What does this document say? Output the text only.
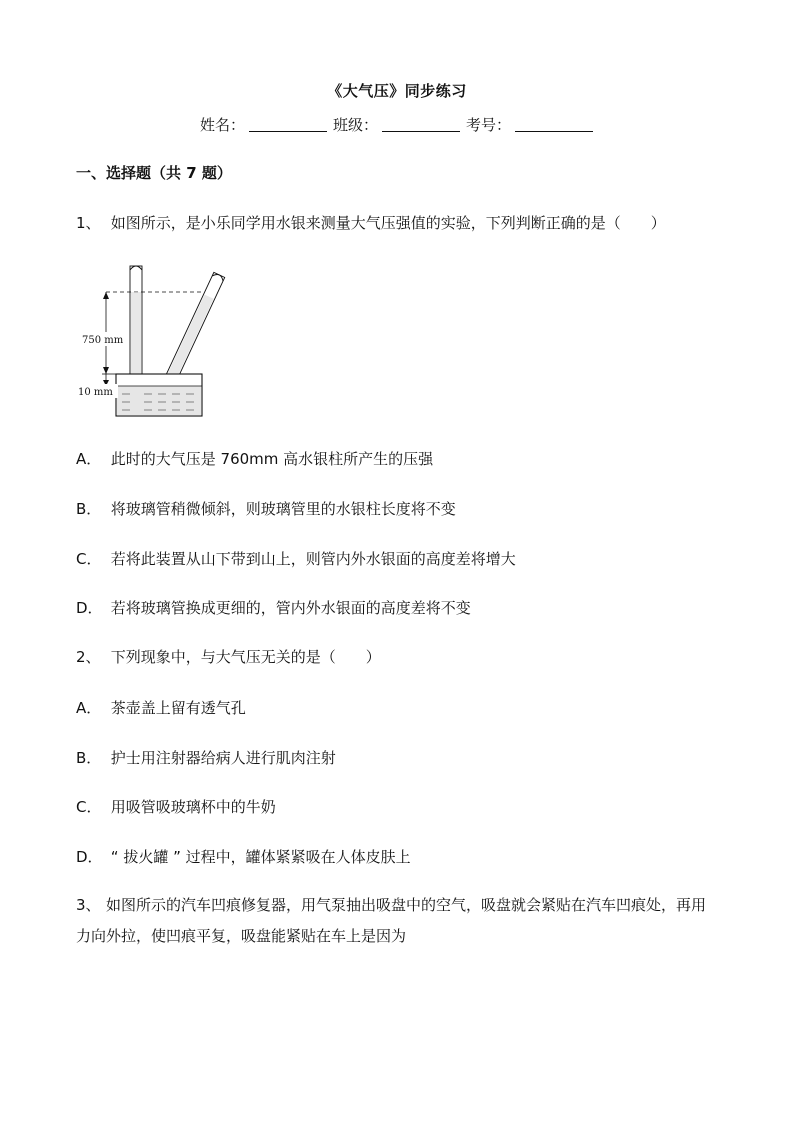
《大气压》同步练习
姓名：	班级：	考号：
一、选择题（共 7 题）
1、 如图所示，是小乐同学用水银来测量大气压强值的实验，下列判断正确的是（　　）
750 mm
10 mm
A． 此时的大气压是 760mm 高水银柱所产生的压强
B． 将玻璃管稍微倾斜，则玻璃管里的水银柱长度将不变
C． 若将此装置从山下带到山上，则管内外水银面的高度差将增大
D． 若将玻璃管换成更细的，管内外水银面的高度差将不变
2、 下列现象中，与大气压无关的是（　　）
A． 茶壶盖上留有透气孔
B． 护士用注射器给病人进行肌肉注射
C． 用吸管吸玻璃杯中的牛奶
D． “ 拔火罐 ” 过程中，罐体紧紧吸在人体皮肤上
3、 如图所示的汽车凹痕修复器，用气泵抽出吸盘中的空气，吸盘就会紧贴在汽车凹痕处，再用力向外拉，使凹痕平复，吸盘能紧贴在车上是因为
